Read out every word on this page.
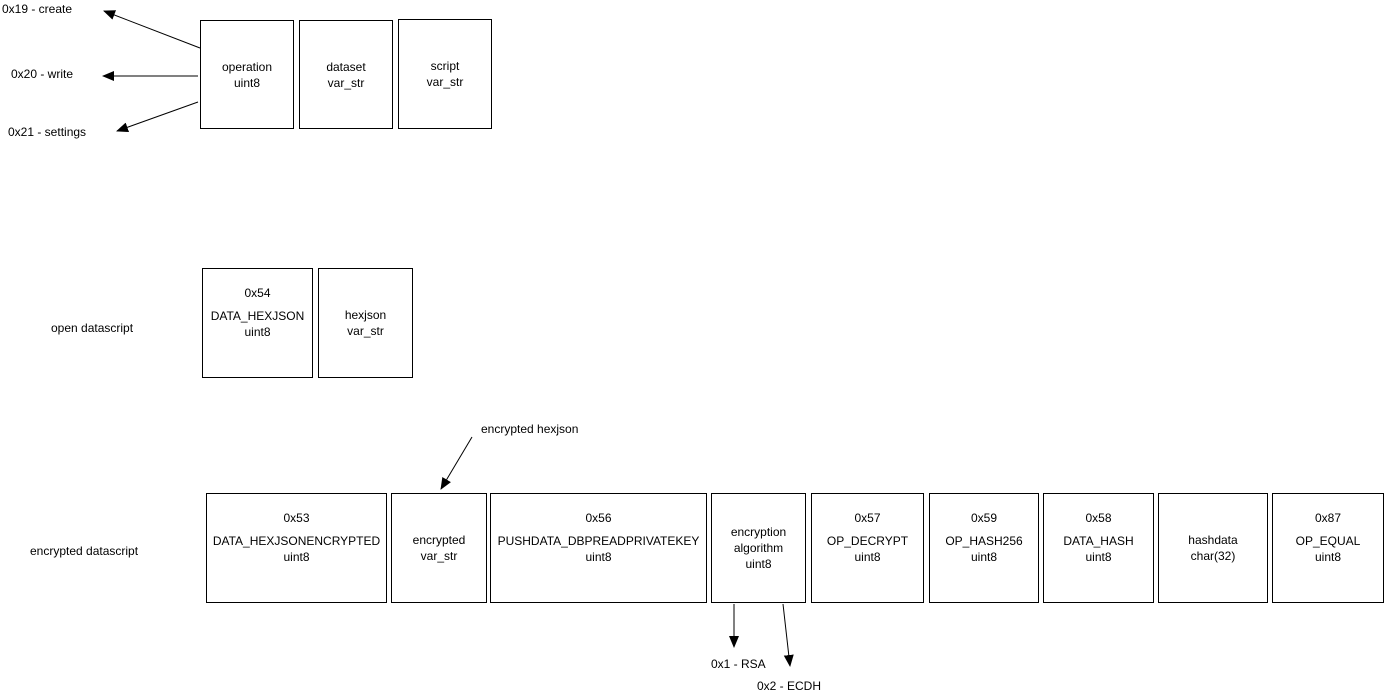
0x19 - create
0x20 - write
0x21 - settings
operation
uint8
dataset
var_str
script
var_str
open datascript
0x54
DATA_HEXJSON
uint8
hexjson
var_str
encrypted datascript
encrypted hexjson
0x53
DATA_HEXJSONENCRYPTED
uint8
encrypted
var_str
0x56
PUSHDATA_DBPREADPRIVATEKEY
uint8
encryption
algorithm
uint8
0x57
OP_DECRYPT
uint8
0x59
OP_HASH256
uint8
0x58
DATA_HASH
uint8
hashdata
char(32)
0x87
OP_EQUAL
uint8
0x1 - RSA
0x2 - ECDH
